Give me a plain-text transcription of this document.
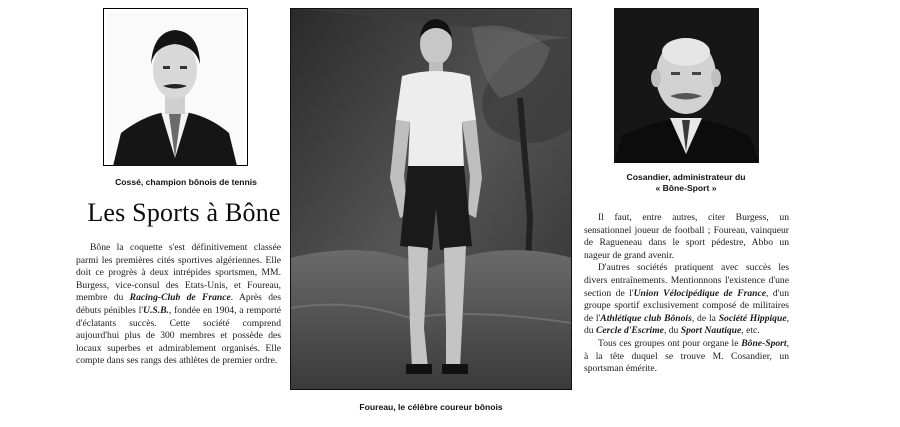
Cossé, champion bônois de tennis
Foureau, le célèbre coureur bônois
Cosandier, administrateur du
« Bône-Sport »
Les Sports à Bône

Bône la coquette s'est définitivement classée parmi les premières cités sportives algériennes. Elle doit ce progrès à deux intrépides sportsmen, MM. Burgess, vice-consul des Etats-Unis, et Foureau, membre du Racing-Club de France. Après des débuts pénibles l'U.S.B., fondée en 1904, a remporté d'éclatants succès. Cette société comprend aujourd'hui plus de 300 membres et possède des locaux superbes et admirablement organisés. Elle compte dans ses rangs des athlètes de premier ordre.

Il faut, entre autres, citer Burgess, un sensationnel joueur de football ; Foureau, vainqueur de Ragueneau dans le sport pédestre, Abbo un nageur de grand avenir.

D'autres sociétés pratiquent avec succès les divers entraînements. Mentionnons l'existence d'une section de l'Union Vélocipédique de France, d'un groupe sportif exclusivement composé de militaires de l'Athlétique club Bônois, de la Société Hippique, du Cercle d'Escrime, du Sport Nautique, etc.

Tous ces groupes ont pour organe le Bône-Sport, à la tête duquel se trouve M. Cosandier, un sportsman émérite.
